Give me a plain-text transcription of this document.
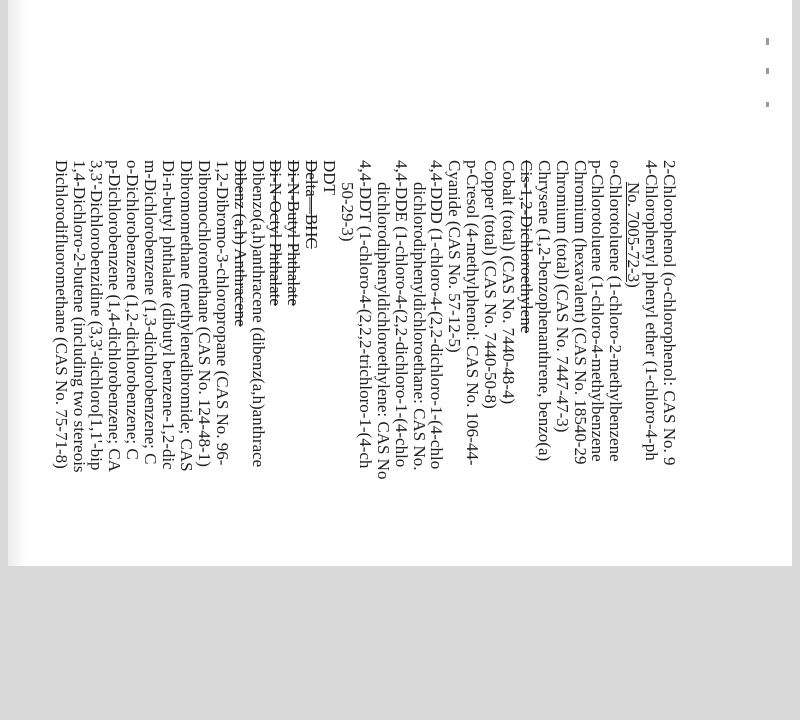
2-Chlorophenol (o-chlorophenol: CAS No. 9
4-Chlorophenyl phenyl ether (1-chloro-4-ph
No. 7005-72-3)
o-Chlorotoluene (1-chloro-2-methylbenzene
p-Chlorotoluene (1-chloro-4-methylbenzene
Chromium (hexavalent) (CAS No. 18540-29
Chromium (total) (CAS No. 7447-47-3)
Chrysene (1,2-benzophenanthrene, benzo(a)
Cis-1,2-Dichloroethylene
Cobalt (total) (CAS No. 7440-48-4)
Copper (total) (CAS No. 7440-50-8)
p-Cresol (4-methylphenol: CAS No. 106-44-
Cyanide (CAS No. 57-12-5)
4,4-DDD (1-chloro-4-(2,2-dichloro-1-(4-chlo
dichlorodiphenyldichloroethane: CAS No.
4,4-DDE (1-chloro-4-(2,2-dichloro-1-(4-chlo
dichlorodiphenyldichloroethylene: CAS No
4,4-DDT (1-chloro-4-(2,2,2-trichloro-1-(4-ch
50-29-3)
DDT
Delta—BHC
Di-N-Butyl Phthalate
Di-N-Octyl Phthalate
Dibenzo(a,h)anthracene (dibenz(a,h)anthrace
Dibenz (a,h) Anthracene
1,2-Dibromo-3-chloropropane (CAS No. 96-
Dibromochloromethane (CAS No. 124-48-1)
Dibromomethane (methylenedibromide; CAS
Di-n-butyl phthalate (dibutyl benzene-1,2-dic
m-Dichlorobenzene (1,3-dichlorobenzene; C
o-Dichlorobenzene (1,2-dichlorobenzene; C
p-Dichlorobenzene (1,4-dichlorobenzene; CA
3,3'-Dichlorobenzidine (3,3'-dichloro[1,1'-bip
1,4-Dichloro-2-butene (including two stereois
Dichlorodifluoromethane (CAS No. 75-71-8)
